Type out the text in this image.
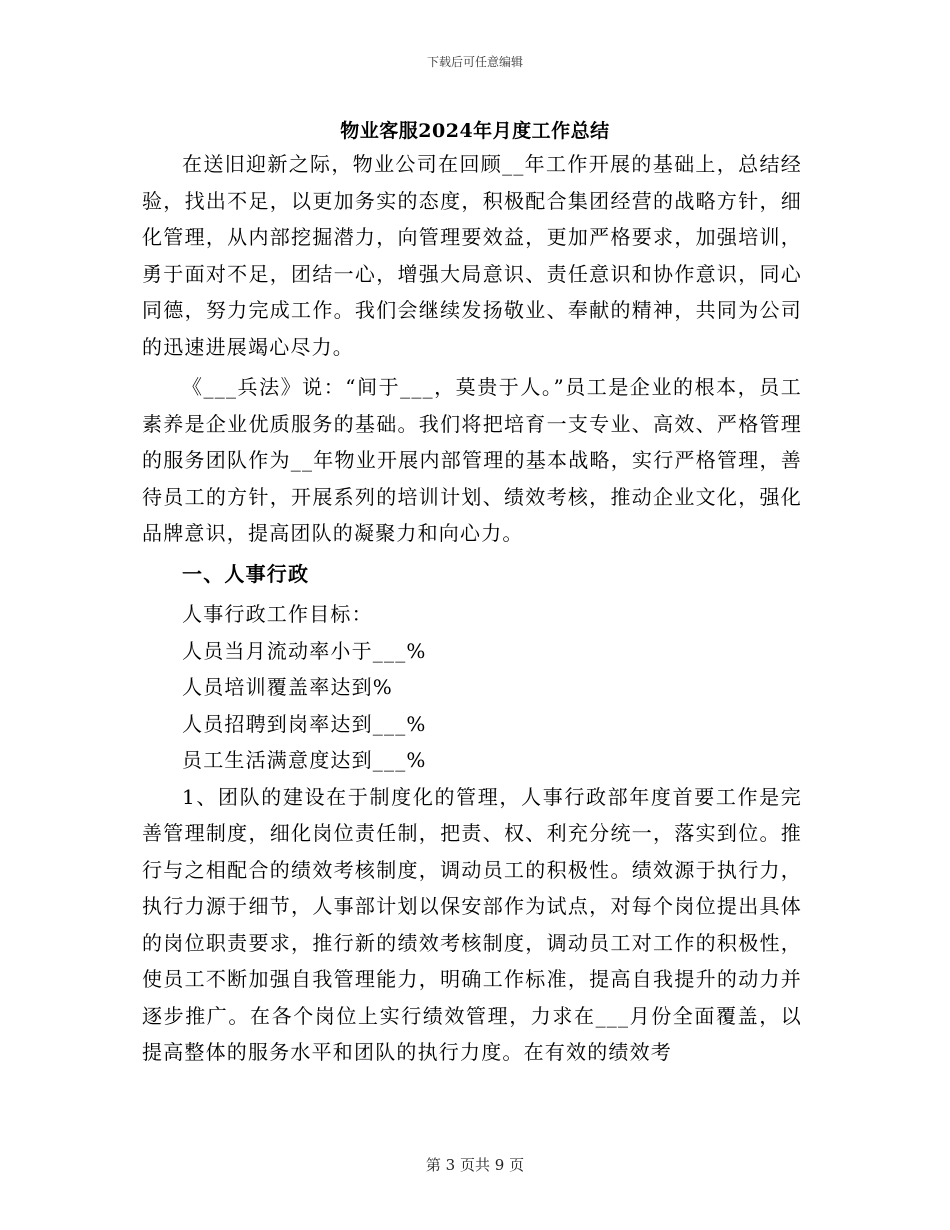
下载后可任意编辑
物业客服2024年月度工作总结

在送旧迎新之际，物业公司在回顾__年工作开展的基础上，总结经验，找出不足，以更加务实的态度，积极配合集团经营的战略方针，细化管理，从内部挖掘潜力，向管理要效益，更加严格要求，加强培训，勇于面对不足，团结一心，增强大局意识、责任意识和协作意识，同心同德，努力完成工作。我们会继续发扬敬业、奉献的精神，共同为公司的迅速进展竭心尽力。

《___兵法》说：“间于___，莫贵于人。”员工是企业的根本，员工素养是企业优质服务的基础。我们将把培育一支专业、高效、严格管理的服务团队作为__年物业开展内部管理的基本战略，实行严格管理，善待员工的方针，开展系列的培训计划、绩效考核，推动企业文化，强化品牌意识，提高团队的凝聚力和向心力。

一、人事行政

人事行政工作目标：

人员当月流动率小于___%

人员培训覆盖率达到%

人员招聘到岗率达到___%

员工生活满意度达到___%

1、团队的建设在于制度化的管理，人事行政部年度首要工作是完善管理制度，细化岗位责任制，把责、权、利充分统一，落实到位。推行与之相配合的绩效考核制度，调动员工的积极性。绩效源于执行力，执行力源于细节，人事部计划以保安部作为试点，对每个岗位提出具体的岗位职责要求，推行新的绩效考核制度，调动员工对工作的积极性，使员工不断加强自我管理能力，明确工作标准，提高自我提升的动力并逐步推广。在各个岗位上实行绩效管理，力求在___月份全面覆盖，以提高整体的服务水平和团队的执行力度。在有效的绩效考

第 3 页共 9 页
